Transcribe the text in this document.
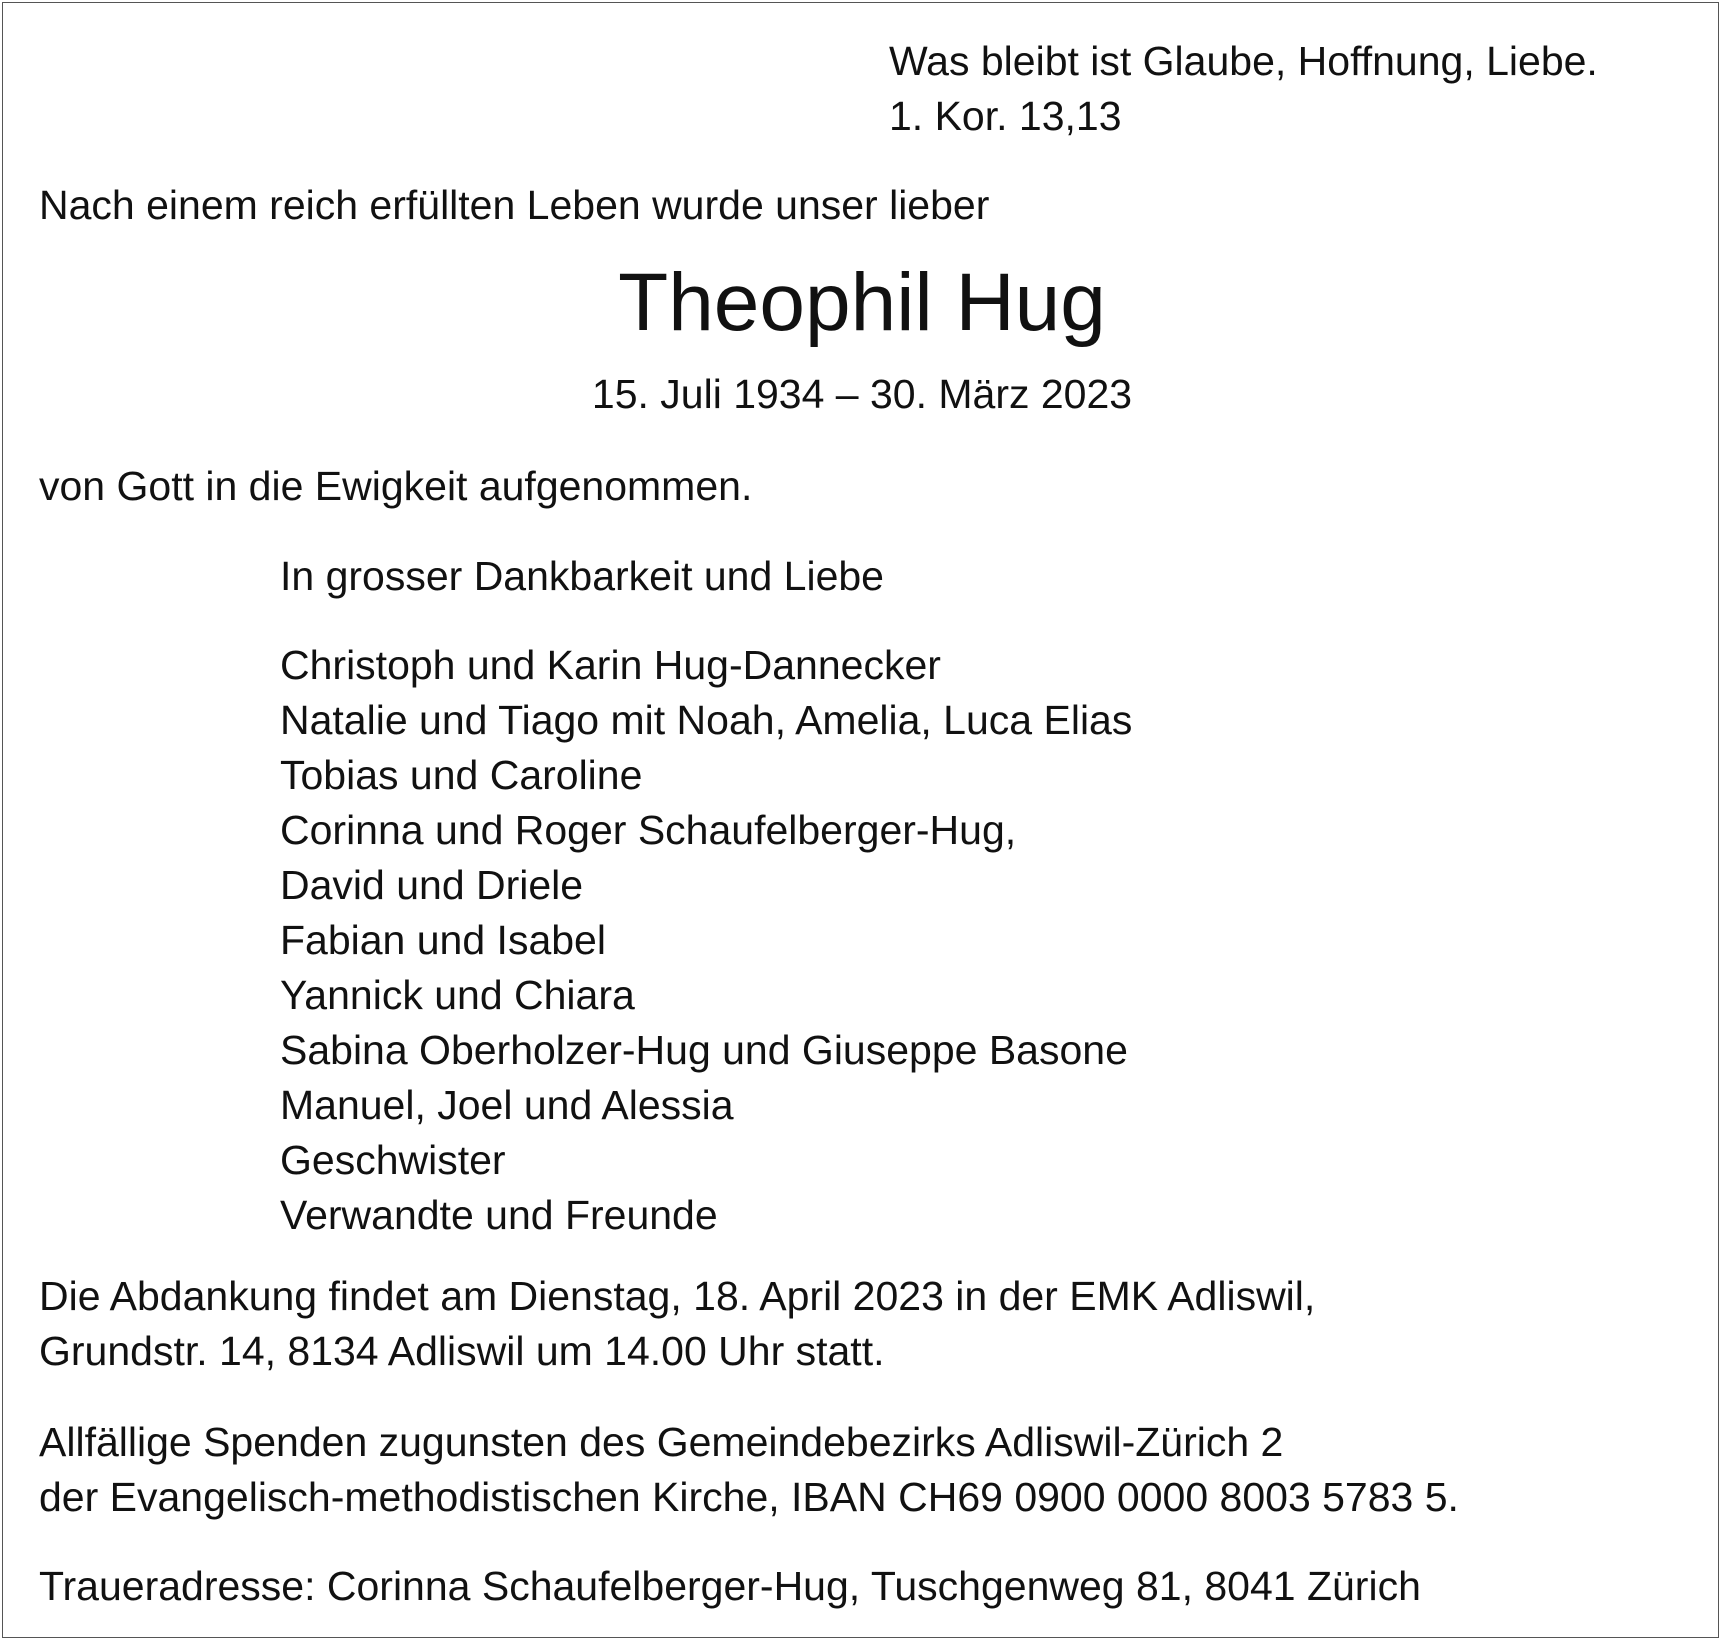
Was bleibt ist Glaube, Hoffnung, Liebe.

1. Kor. 13,13

Nach einem reich erfüllten Leben wurde unser lieber

Theophil Hug

15. Juli 1934 – 30. März 2023

von Gott in die Ewigkeit aufgenommen.

In grosser Dankbarkeit und Liebe

Christoph und Karin Hug-Dannecker
Natalie und Tiago mit Noah, Amelia, Luca Elias
Tobias und Caroline
Corinna und Roger Schaufelberger-Hug,
David und Driele
Fabian und Isabel
Yannick und Chiara
Sabina Oberholzer-Hug und Giuseppe Basone
Manuel, Joel und Alessia
Geschwister
Verwandte und Freunde

Die Abdankung findet am Dienstag, 18. April 2023 in der EMK Adliswil,

Grundstr. 14, 8134 Adliswil um 14.00 Uhr statt.

Allfällige Spenden zugunsten des Gemeindebezirks Adliswil-Zürich 2

der Evangelisch-methodistischen Kirche, IBAN CH69 0900 0000 8003 5783 5.

Traueradresse: Corinna Schaufelberger-Hug, Tuschgenweg 81, 8041 Zürich
